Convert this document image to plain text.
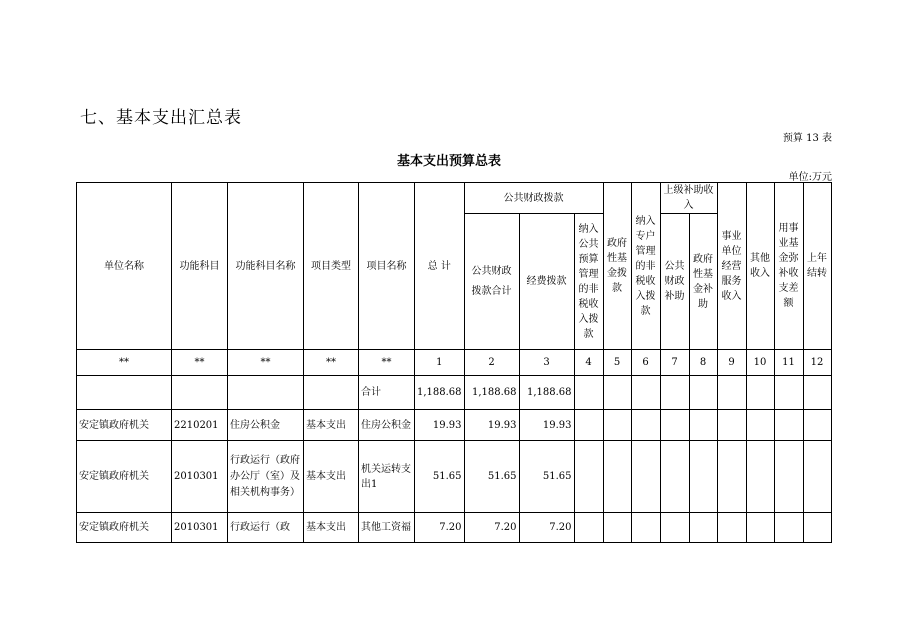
七、基本支出汇总表
预算 13 表
基本支出预算总表
单位:万元
单位名称	功能科目	功能科目名称	项目类型	项目名称	总 计	公共财政拨款			政府性基金拨款	纳入专户管理的非税收入拨款	上级补助收入		事业单位经营服务收入	其他收入	用事业基金弥补收支差额	上年结转
						公共财政拨款合计	经费拨款	纳入公共预算管理的非税收入拨款			公共财政补助	政府性基金补助				
**	**	**	**	**	1	2	3	4	5	6	7	8	9	10	11	12
				合计	1,188.68	1,188.68	1,188.68									
安定镇政府机关	2210201	住房公积金	基本支出	住房公积金	19.93	19.93	19.93									
安定镇政府机关	2010301	行政运行（政府办公厅（室）及相关机构事务）	基本支出	机关运转支出1	51.65	51.65	51.65									
安定镇政府机关	2010301	行政运行（政	基本支出	其他工资福	7.20	7.20	7.20									
